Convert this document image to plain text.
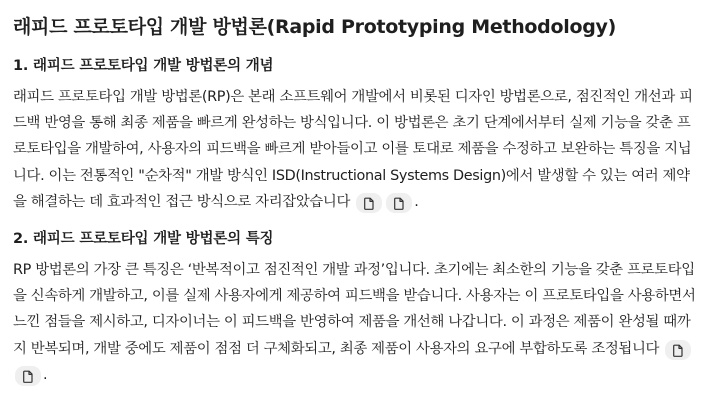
래피드 프로토타입 개발 방법론(Rapid Prototyping Methodology)
1. 래피드 프로토타입 개발 방법론의 개념

래피드 프로토타입 개발 방법론(RP)은 본래 소프트웨어 개발에서 비롯된 디자인 방법론으로, 점진적인 개선과 피드백 반영을 통해 최종 제품을 빠르게 완성하는 방식입니다. 이 방법론은 초기 단계에서부터 실제 기능을 갖춘 프로토타입을 개발하여, 사용자의 피드백을 빠르게 받아들이고 이를 토대로 제품을 수정하고 보완하는 특징을 지닙니다. 이는 전통적인 "순차적" 개발 방식인 ISD(Instructional Systems Design)에서 발생할 수 있는 여러 제약을 해결하는 데 효과적인 접근 방식으로 자리잡았습니다	.

2. 래피드 프로토타입 개발 방법론의 특징

RP 방법론의 가장 큰 특징은 ‘반복적이고 점진적인 개발 과정’입니다. 초기에는 최소한의 기능을 갖춘 프로토타입을 신속하게 개발하고, 이를 실제 사용자에게 제공하여 피드백을 받습니다. 사용자는 이 프로토타입을 사용하면서 느낀 점들을 제시하고, 디자이너는 이 피드백을 반영하여 제품을 개선해 나갑니다. 이 과정은 제품이 완성될 때까지 반복되며, 개발 중에도 제품이 점점 더 구체화되고, 최종 제품이 사용자의 요구에 부합하도록 조정됩니다
.
